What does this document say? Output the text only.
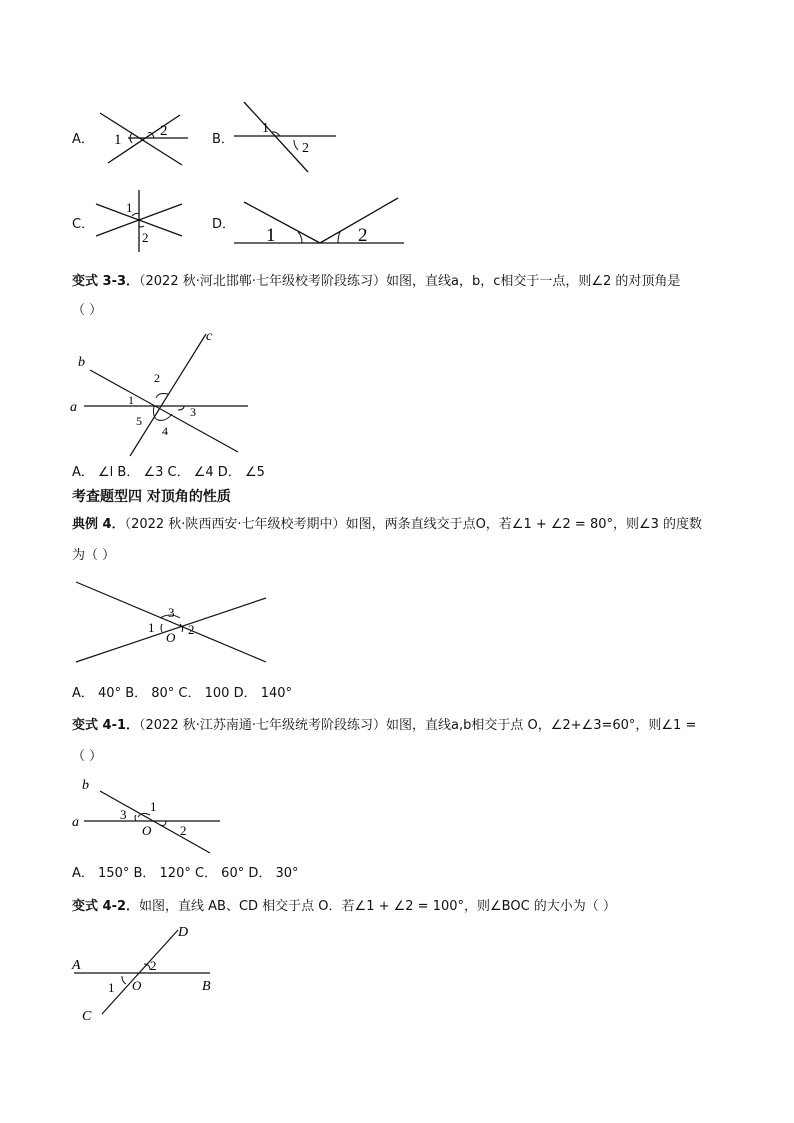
A． 1
2
B．
1
2
C．
1
2
D．
1	2
变式 3-3．（2022 秋·河北邯郸·七年级校考阶段练习）如图，直线a，b，c相交于一点，则∠2 的对顶角是
（ ）
b
a
c
1
2
3
4
5
A． ∠l B． ∠3 C． ∠4 D． ∠5
考查题型四 对顶角的性质
典例 4．（2022 秋·陕西西安·七年级校考期中）如图，两条直线交于点O，若∠1 + ∠2 = 80°，则∠3 的度数
为（ ）
3
1	2
O
A． 40° B． 80° C． 100 D． 140°
变式 4-1．（2022 秋·江苏南通·七年级统考阶段练习）如图，直线a,b相交于点 O，∠2+∠3=60°，则∠1 =
（ ）
b
a
1
3
2
O
A． 150° B． 120° C． 60° D． 30°
变式 4-2．如图，直线 AB、CD 相交于点 O．若∠1 + ∠2 = 100°，则∠BOC 的大小为（ ）
A
B
C
D
1
2
O
